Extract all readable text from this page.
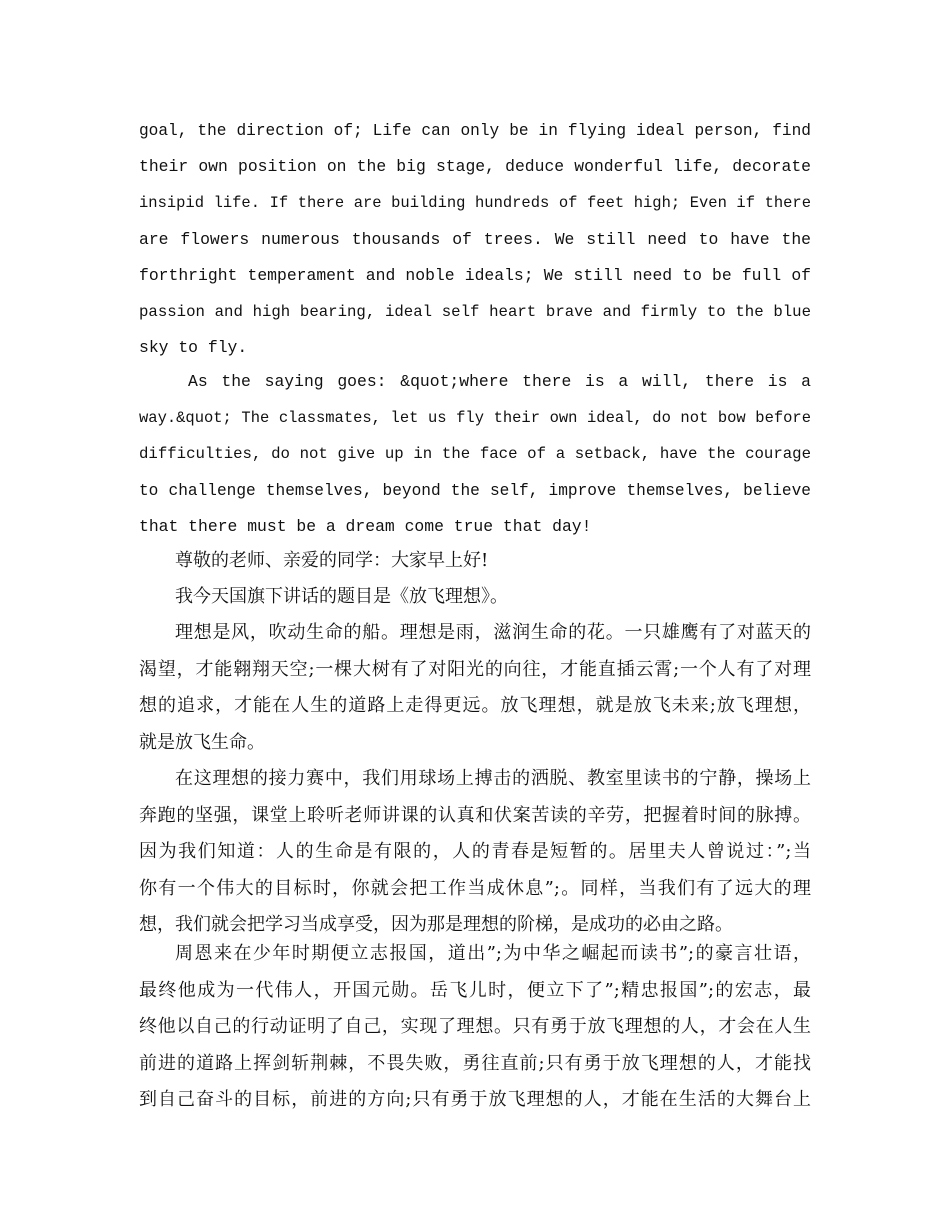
goal, the direction of; Life can only be in flying ideal person, find
their own position on the big stage, deduce wonderful life, decorate
insipid life. If there are building hundreds of feet high; Even if there
are flowers numerous thousands of trees. We still need to have the
forthright temperament and noble ideals; We still need to be full of
passion and high bearing, ideal self heart brave and firmly to the blue
sky to fly.
As the saying goes: &quot;where there is a will, there is a
way.&quot; The classmates, let us fly their own ideal, do not bow before
difficulties, do not give up in the face of a setback, have the courage
to challenge themselves, beyond the self, improve themselves, believe
that there must be a dream come true that day!
尊敬的老师、亲爱的同学：大家早上好!
我今天国旗下讲话的题目是《放飞理想》。
理想是风，吹动生命的船。理想是雨，滋润生命的花。一只雄鹰有了对蓝天的
渴望，才能翱翔天空;一棵大树有了对阳光的向往，才能直插云霄;一个人有了对理
想的追求，才能在人生的道路上走得更远。放飞理想，就是放飞未来;放飞理想，
就是放飞生命。
在这理想的接力赛中，我们用球场上搏击的洒脱、教室里读书的宁静，操场上
奔跑的坚强，课堂上聆听老师讲课的认真和伏案苦读的辛劳，把握着时间的脉搏。
因为我们知道：人的生命是有限的，人的青春是短暂的。居里夫人曾说过：”;当
你有一个伟大的目标时，你就会把工作当成休息”;。同样，当我们有了远大的理
想，我们就会把学习当成享受，因为那是理想的阶梯，是成功的必由之路。
周恩来在少年时期便立志报国，道出”;为中华之崛起而读书”;的豪言壮语，
最终他成为一代伟人，开国元勋。岳飞儿时，便立下了”;精忠报国”;的宏志，最
终他以自己的行动证明了自己，实现了理想。只有勇于放飞理想的人，才会在人生
前进的道路上挥剑斩荆棘，不畏失败，勇往直前;只有勇于放飞理想的人，才能找
到自己奋斗的目标，前进的方向;只有勇于放飞理想的人，才能在生活的大舞台上
